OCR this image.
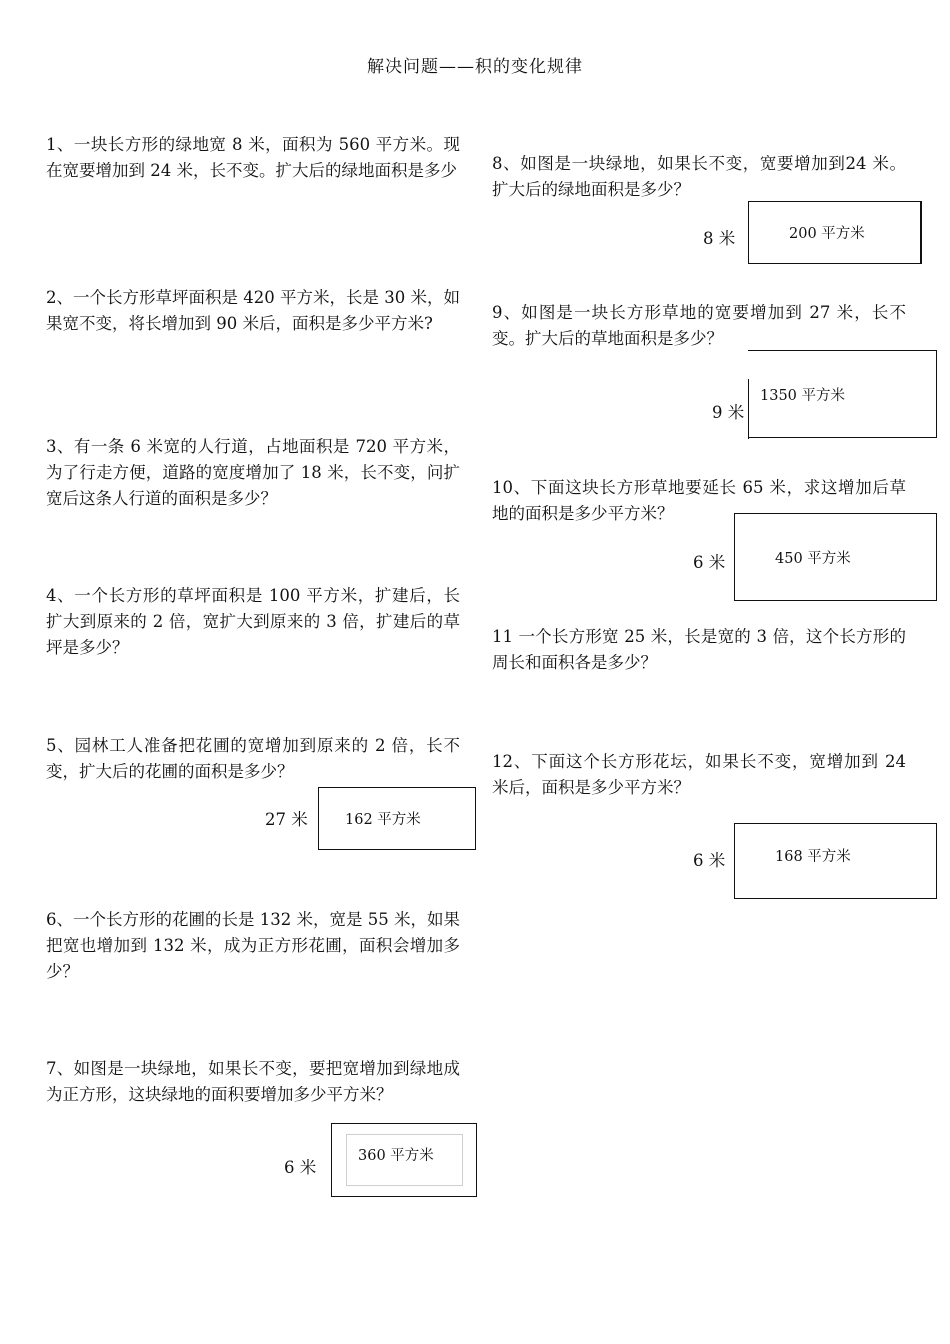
解决问题——积的变化规律

1、一块长方形的绿地宽 8 米，面积为 560 平方米。现在宽要增加到 24 米，长不变。扩大后的绿地面积是多少

2、一个长方形草坪面积是 420 平方米，长是 30 米，如果宽不变，将长增加到 90 米后，面积是多少平方米?

3、有一条 6 米宽的人行道，占地面积是 720 平方米，为了行走方便，道路的宽度增加了 18 米，长不变，问扩宽后这条人行道的面积是多少？

4、一个长方形的草坪面积是 100 平方米，扩建后，长扩大到原来的 2 倍，宽扩大到原来的 3 倍，扩建后的草坪是多少？

5、园林工人准备把花圃的宽增加到原来的 2 倍，长不变，扩大后的花圃的面积是多少？

27 米	162 平方米

6、一个长方形的花圃的长是 132 米，宽是 55 米，如果把宽也增加到 132 米，成为正方形花圃，面积会增加多少？

7、如图是一块绿地，如果长不变，要把宽增加到绿地成为正方形，这块绿地的面积要增加多少平方米？

6 米
360 平方米

8、如图是一块绿地，如果长不变，宽要增加到24 米。扩大后的绿地面积是多少？

8 米	200 平方米

9、如图是一块长方形草地的宽要增加到 27 米，长不变。扩大后的草地面积是多少？

9 米
1350 平方米

10、下面这块长方形草地要延长 65 米，求这增加后草地的面积是多少平方米？

6 米	450 平方米

11 一个长方形宽 25 米，长是宽的 3 倍，这个长方形的周长和面积各是多少？

12、下面这个长方形花坛，如果长不变，宽增加到 24 米后，面积是多少平方米？

6 米	168 平方米
